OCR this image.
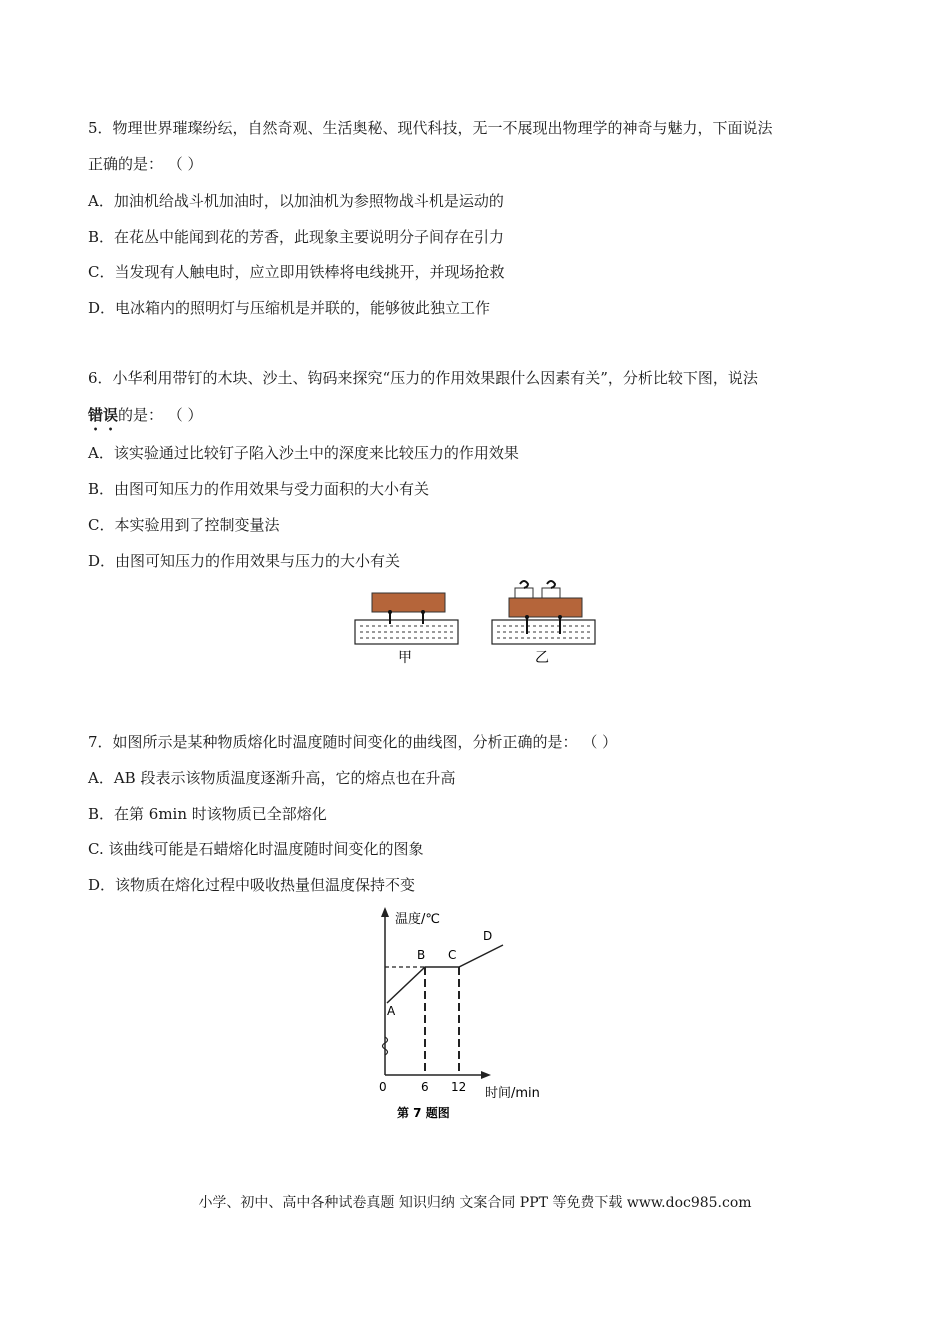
5．物理世界璀璨纷纭，自然奇观、生活奥秘、现代科技，无一不展现出物理学的神奇与魅力，下面说法
正确的是： （ ）
A．加油机给战斗机加油时，以加油机为参照物战斗机是运动的
B．在花丛中能闻到花的芳香，此现象主要说明分子间存在引力
C．当发现有人触电时，应立即用铁棒将电线挑开，并现场抢救
D．电冰箱内的照明灯与压缩机是并联的，能够彼此独立工作
6．小华利用带钉的木块、沙土、钩码来探究“压力的作用效果跟什么因素有关”，分析比较下图，说法
错误的是： （ ）
A．该实验通过比较钉子陷入沙土中的深度来比较压力的作用效果
B．由图可知压力的作用效果与受力面积的大小有关
C．本实验用到了控制变量法
D．由图可知压力的作用效果与压力的大小有关
甲	乙
7．如图所示是某种物质熔化时温度随时间变化的曲线图，分析正确的是： （ ）
A．AB 段表示该物质温度逐渐升高，它的熔点也在升高
B．在第 6min 时该物质已全部熔化
C. 该曲线可能是石蜡熔化时温度随时间变化的图象
D．该物质在熔化过程中吸收热量但温度保持不变
温度/℃
A
B C
D
0	6 12 时间/min
第 7 题图
小学、初中、高中各种试卷真题 知识归纳 文案合同 PPT 等免费下载 www.doc985.com
